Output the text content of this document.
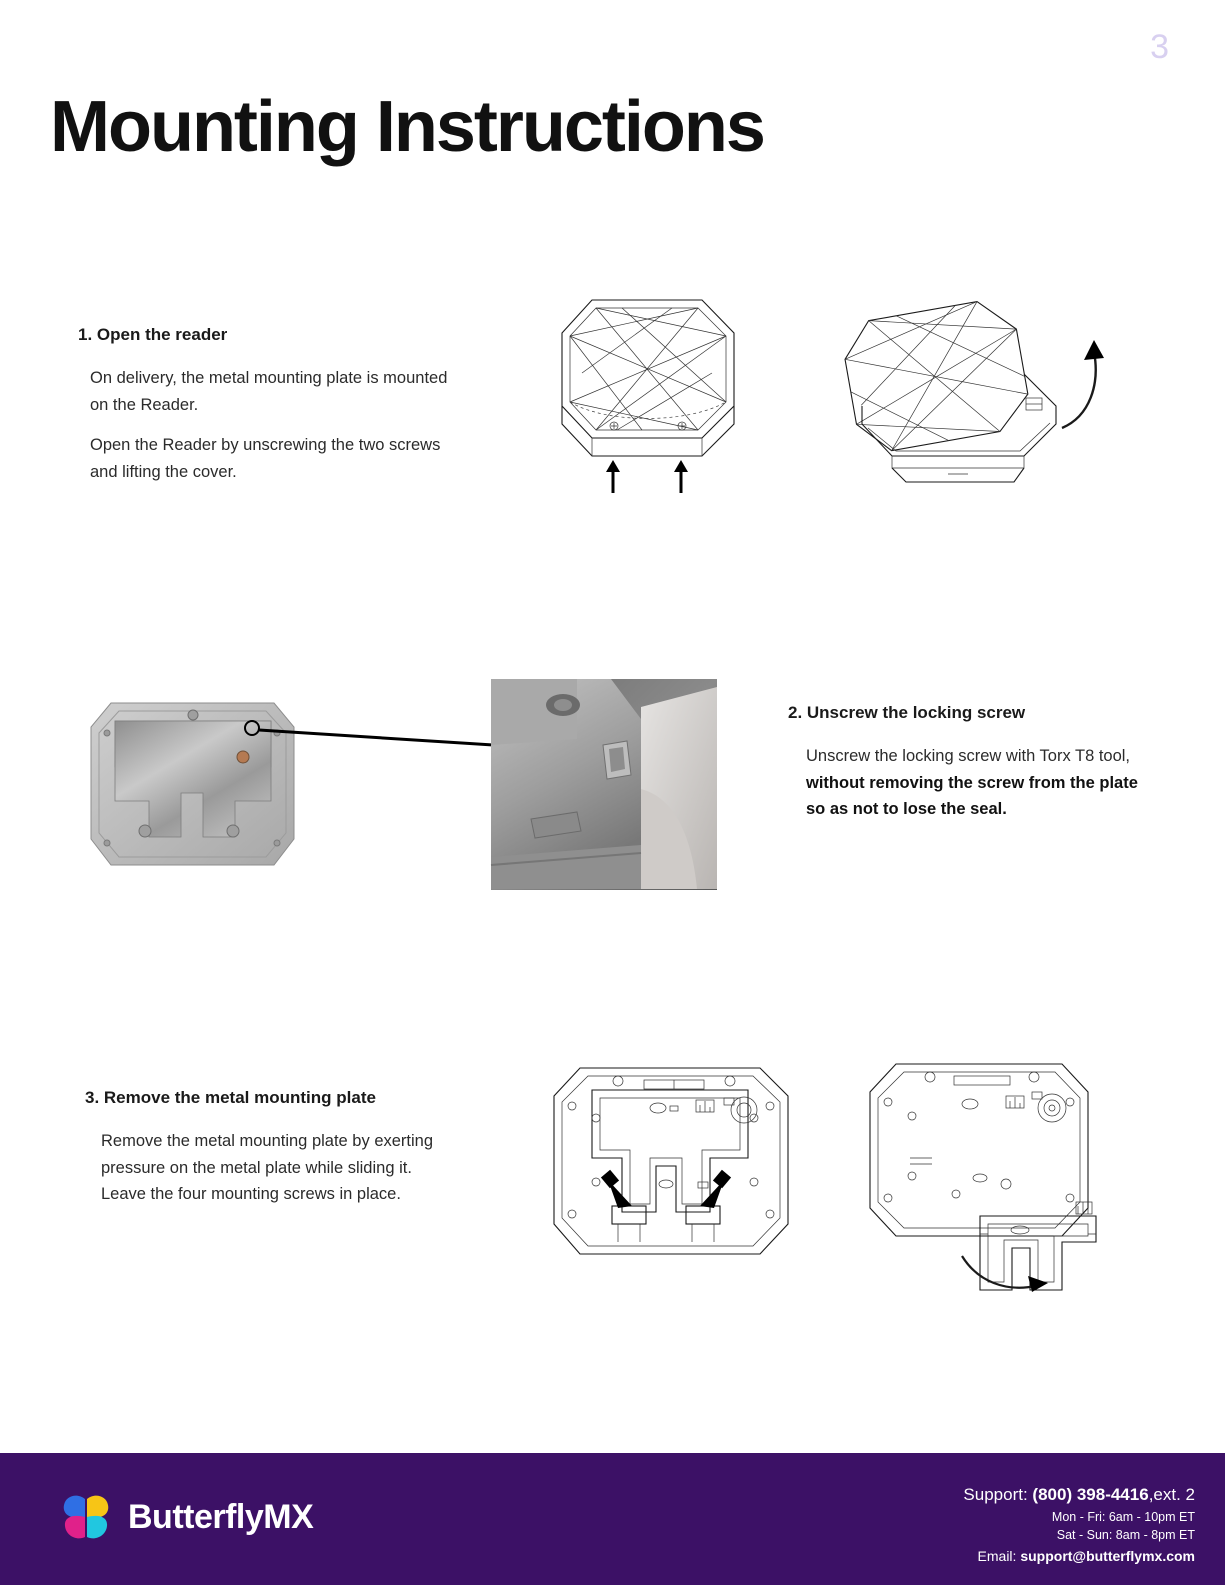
3
Mounting Instructions

1. Open the reader

On delivery, the metal mounting plate is mounted on the Reader.

Open the Reader by unscrewing the two screws and lifting the cover.

2. Unscrew the locking screw

Unscrew the locking screw with Torx T8 tool, without removing the screw from the plate so as not to lose the seal.

3. Remove the metal mounting plate

Remove the metal mounting plate by exerting pressure on the metal plate while sliding it. Leave the four mounting screws in place.

ButterflyMX
Support: (800) 398-4416,ext. 2
Mon - Fri: 6am - 10pm ET
Sat - Sun: 8am - 8pm ET
Email: support@butterflymx.com
